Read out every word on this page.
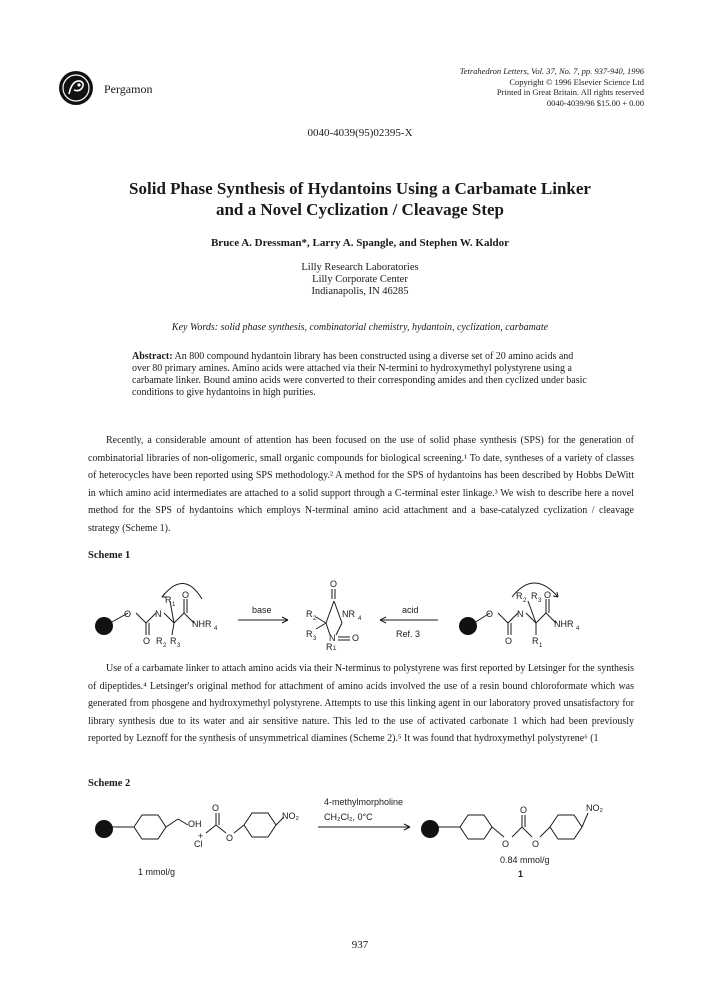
Pergamon

Tetrahedron Letters, Vol. 37, No. 7, pp. 937-940, 1996

Copyright © 1996 Elsevier Science Ltd

Printed in Great Britain. All rights reserved

0040-4039/96 $15.00 + 0.00

0040-4039(95)02395-X
Solid Phase Synthesis of Hydantoins Using a Carbamate Linker
and a Novel Cyclization / Cleavage Step
Bruce A. Dressman*, Larry A. Spangle, and Stephen W. Kaldor

Lilly Research Laboratories

Lilly Corporate Center

Indianapolis, IN 46285

Key Words: solid phase synthesis, combinatorial chemistry, hydantoin, cyclization, carbamate
Abstract: An 800 compound hydantoin library has been constructed using a diverse set of 20 amino acids and over 80 primary amines. Amino acids were attached via their N-termini to hydroxymethyl polystyrene using a carbamate linker. Bound amino acids were converted to their corresponding amides and then cyclized under basic conditions to give hydantoins in high purities.
Recently, a considerable amount of attention has been focused on the use of solid phase synthesis (SPS) for the generation of combinatorial libraries of non-oligomeric, small organic compounds for biological screening.¹ To date, syntheses of a variety of classes of heterocycles have been reported using SPS methodology.² A method for the SPS of hydantoins has been described by Hobbs DeWitt in which amino acid intermediates are attached to a solid support through a C-terminal ester linkage.³ We wish to describe here a novel method for the SPS of hydantoins which employs N-terminal amino acid attachment and a base-catalyzed cyclization / cleavage strategy (Scheme 1).
Scheme 1
O
R 1
O
N
NHR 4
O R 2 R 3
base
O
R 2	NR 4
R 3 N O
R 1
acid
Ref. 3
O
R 2 R 3
O
N
NHR 4
O R 1
Use of a carbamate linker to attach amino acids via their N-terminus to polystyrene was first reported by Letsinger for the synthesis of dipeptides.⁴ Letsinger's original method for attachment of amino acids involved the use of a resin bound chloroformate which was generated from phosgene and hydroxymethyl polystyrene. Attempts to use this linking agent in our laboratory proved unsatisfactory for library synthesis due to its water and air sensitive nature. This led to the use of activated carbonate 1 which had been previously reported by Leznoff for the synthesis of unsymmetrical diamines (Scheme 2).⁵ It was found that hydroxymethyl polystyrene⁶ (1
Scheme 2
OH
+
O
Cl
O
NO₂
4-methylmorpholine
CH₂Cl₂, 0°C
O
O	O
NO₂
1 mmol/g
0.84 mmol/g
1
937
